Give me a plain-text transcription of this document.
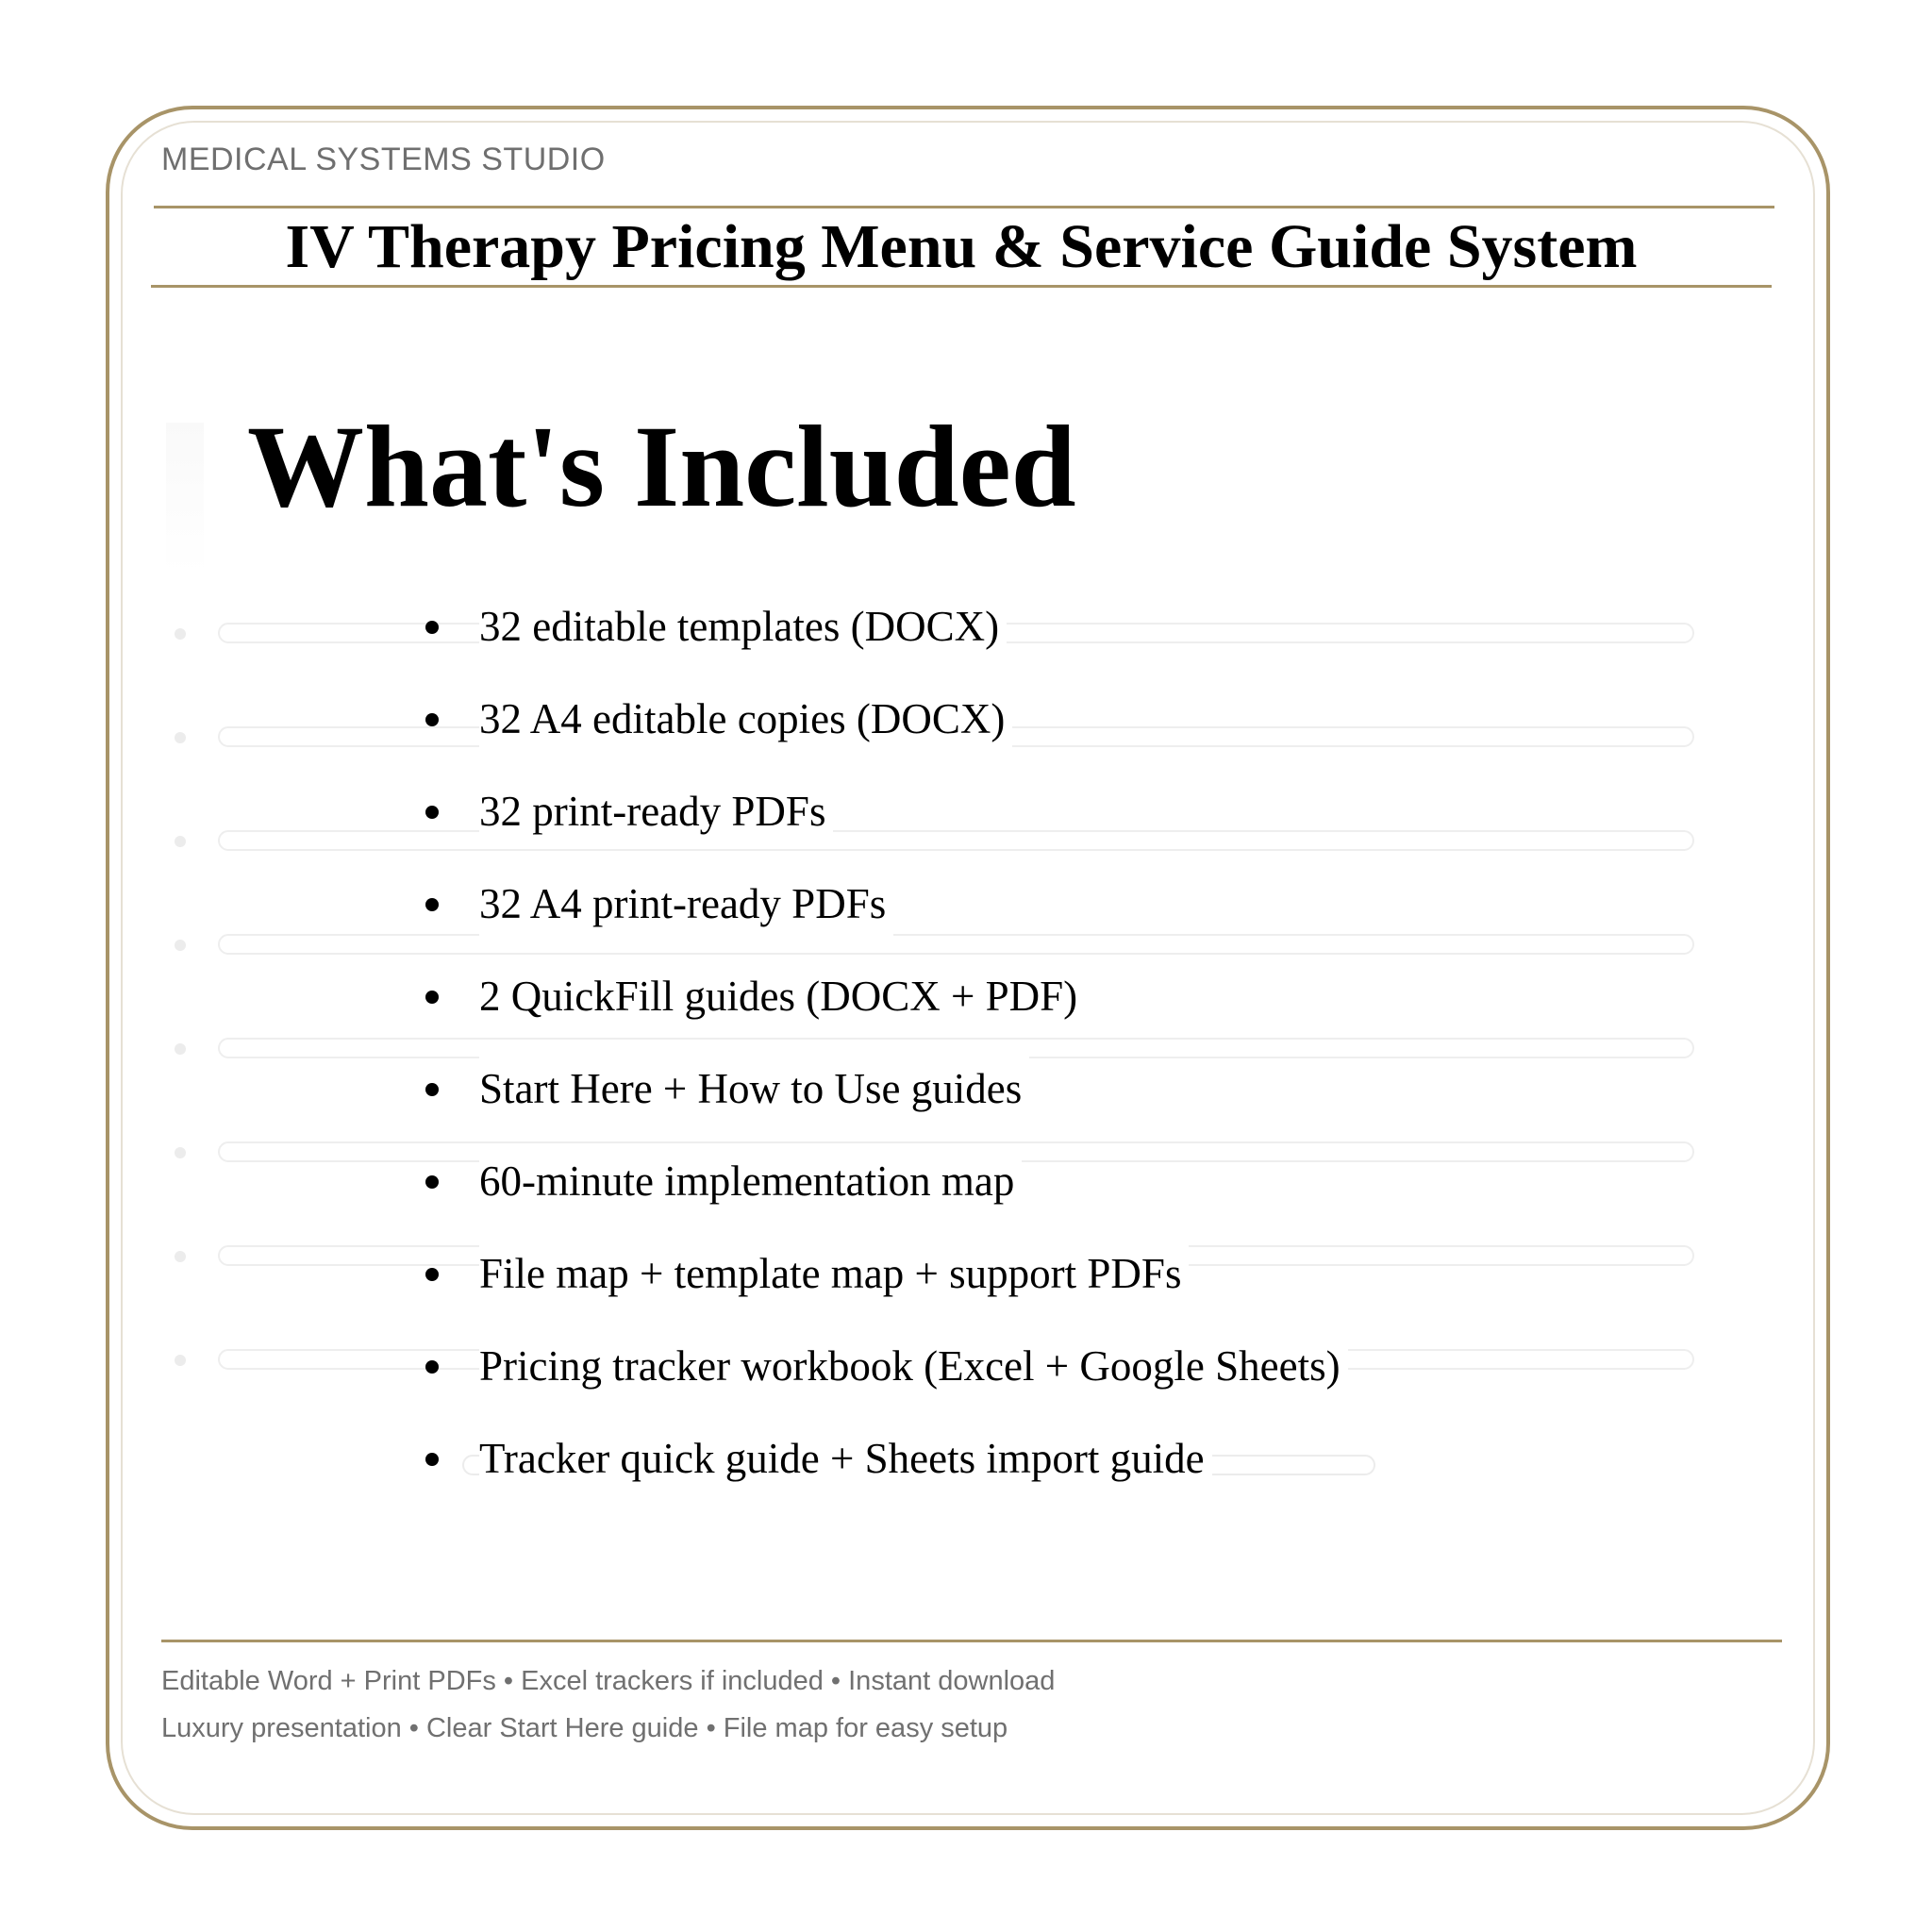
MEDICAL SYSTEMS STUDIO
IV Therapy Pricing Menu & Service Guide System
What's Included
32 editable templates (DOCX)
32 A4 editable copies (DOCX)
32 print-ready PDFs
32 A4 print-ready PDFs
2 QuickFill guides (DOCX + PDF)
Start Here + How to Use guides
60-minute implementation map
File map + template map + support PDFs
Pricing tracker workbook (Excel + Google Sheets)
Tracker quick guide + Sheets import guide
Editable Word + Print PDFs • Excel trackers if included • Instant download
Luxury presentation • Clear Start Here guide • File map for easy setup
